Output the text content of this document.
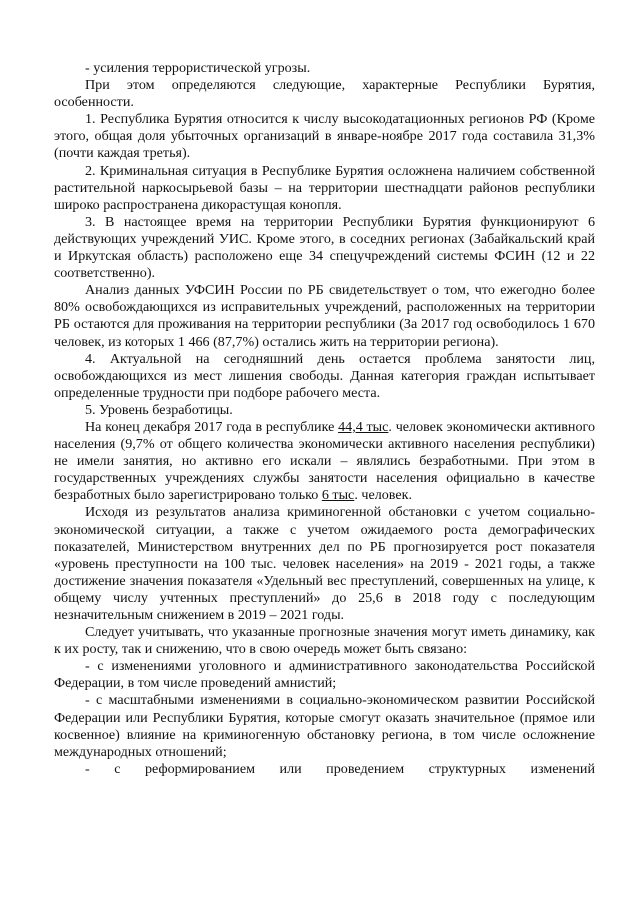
- усиления террористической угрозы.

При этом определяются следующие, характерные Республики Бурятия, особенности.

1. Республика Бурятия относится к числу высокодатационных регионов РФ (Кроме этого, общая доля убыточных организаций в январе-ноябре 2017 года составила 31,3% (почти каждая третья).

2. Криминальная ситуация в Республике Бурятия осложнена наличием собственной растительной наркосырьевой базы – на территории шестнадцати районов республики широко распространена дикорастущая конопля.

3. В настоящее время на территории Республики Бурятия функционируют 6 действующих учреждений УИС. Кроме этого, в соседних регионах (Забайкальский край и Иркутская область) расположено еще 34 спецучреждений системы ФСИН (12 и 22 соответственно).

Анализ данных УФСИН России по РБ свидетельствует о том, что ежегодно более 80% освобождающихся из исправительных учреждений, расположенных на территории РБ остаются для проживания на территории республики (За 2017 год освободилось 1 670 человек, из которых 1 466 (87,7%) остались жить на территории региона).

4. Актуальной на сегодняшний день остается проблема занятости лиц, освобождающихся из мест лишения свободы. Данная категория граждан испытывает определенные трудности при подборе рабочего места.

5. Уровень безработицы.

На конец декабря 2017 года в республике 44,4 тыс. человек экономически активного населения (9,7% от общего количества экономически активного населения республики) не имели занятия, но активно его искали – являлись безработными. При этом в государственных учреждениях службы занятости населения официально в качестве безработных было зарегистрировано только 6 тыс. человек.

Исходя из результатов анализа криминогенной обстановки с учетом социально-экономической ситуации, а также с учетом ожидаемого роста демографических показателей, Министерством внутренних дел по РБ прогнозируется рост показателя «уровень преступности на 100 тыс. человек населения» на 2019 - 2021 годы, а также достижение значения показателя «Удельный вес преступлений, совершенных на улице, к общему числу учтенных преступлений» до 25,6 в 2018 году с последующим незначительным снижением в 2019 – 2021 годы.

Следует учитывать, что указанные прогнозные значения могут иметь динамику, как к их росту, так и снижению, что в свою очередь может быть связано:

- с изменениями уголовного и административного законодательства Российской Федерации, в том числе проведений амнистий;

- с масштабными изменениями в социально-экономическом развитии Российской Федерации или Республики Бурятия, которые смогут оказать значительное (прямое или косвенное) влияние на криминогенную обстановку региона, в том числе осложнение международных отношений;

- с реформированием или проведением структурных изменений
